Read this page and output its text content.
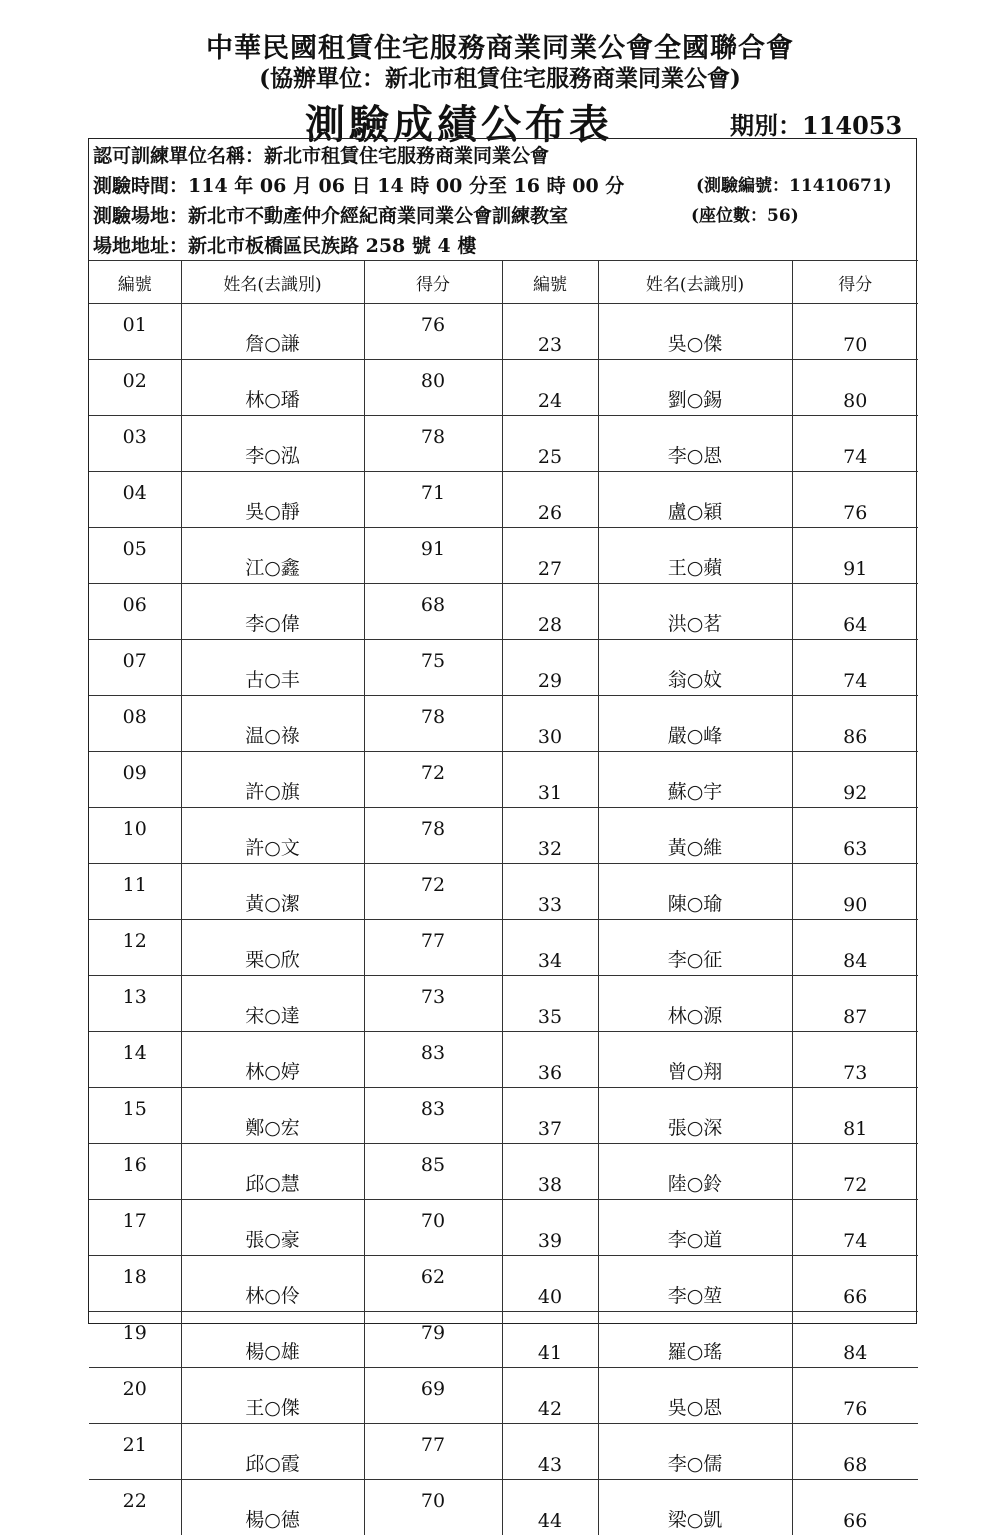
中華民國租賃住宅服務商業同業公會全國聯合會
(協辦單位：新北市租賃住宅服務商業同業公會)
測驗成績公布表	期別：114053
認可訓練單位名稱：新北市租賃住宅服務商業同業公會
測驗時間：114 年 06 月 06 日 14 時 00 分至 16 時 00 分	(測驗編號：11410671)
測驗場地：新北市不動產仲介經紀商業同業公會訓練教室	(座位數：56)
場地地址：新北市板橋區民族路 258 號 4 樓
編號	姓名(去識別)	得分	編號	姓名(去識別)	得分
01	詹○謙	76	23	吳○傑	70
02	林○璠	80	24	劉○錫	80
03	李○泓	78	25	李○恩	74
04	吳○靜	71	26	盧○穎	76
05	江○鑫	91	27	王○蘋	91
06	李○偉	68	28	洪○茗	64
07	古○丰	75	29	翁○妏	74
08	温○祿	78	30	嚴○峰	86
09	許○旗	72	31	蘇○宇	92
10	許○文	78	32	黃○維	63
11	黃○潔	72	33	陳○瑜	90
12	栗○欣	77	34	李○征	84
13	宋○達	73	35	林○源	87
14	林○婷	83	36	曾○翔	73
15	鄭○宏	83	37	張○深	81
16	邱○慧	85	38	陸○鈴	72
17	張○豪	70	39	李○道	74
18	林○伶	62	40	李○堃	66
19	楊○雄	79	41	羅○瑤	84
20	王○傑	69	42	吳○恩	76
21	邱○霞	77	43	李○儒	68
22	楊○德	70	44	梁○凱	66
